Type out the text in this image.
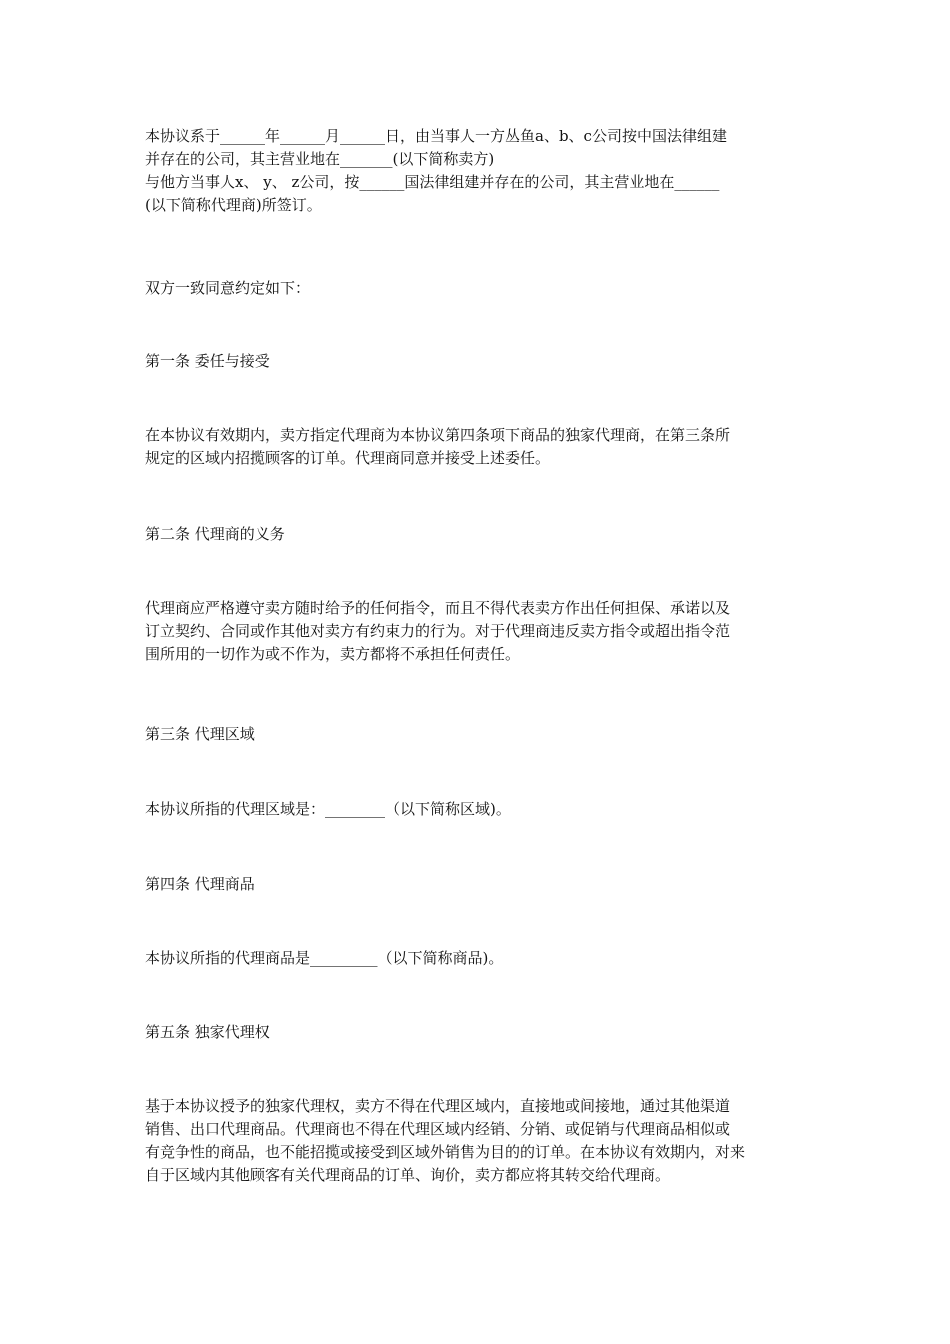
本协议系于______年______月______日，由当事人一方丛鱼a、b、c公司按中国法律组建
并存在的公司，其主营业地在_______(以下简称卖方)
与他方当事人x、 y、 z公司，按______国法律组建并存在的公司，其主营业地在______
(以下简称代理商)所签订。

双方一致同意约定如下：

第一条 委任与接受

在本协议有效期内，卖方指定代理商为本协议第四条项下商品的独家代理商，在第三条所
规定的区域内招揽顾客的订单。代理商同意并接受上述委任。

第二条 代理商的义务

代理商应严格遵守卖方随时给予的任何指令，而且不得代表卖方作出任何担保、承诺以及
订立契约、合同或作其他对卖方有约束力的行为。对于代理商违反卖方指令或超出指令范
围所用的一切作为或不作为，卖方都将不承担任何责任。

第三条 代理区域

本协议所指的代理区域是：________（以下简称区域)。

第四条 代理商品

本协议所指的代理商品是_________（以下简称商品)。

第五条 独家代理权

基于本协议授予的独家代理权，卖方不得在代理区域内，直接地或间接地，通过其他渠道
销售、出口代理商品。代理商也不得在代理区域内经销、分销、或促销与代理商品相似或
有竞争性的商品，也不能招揽或接受到区域外销售为目的的订单。在本协议有效期内，对来
自于区域内其他顾客有关代理商品的订单、询价，卖方都应将其转交给代理商。
